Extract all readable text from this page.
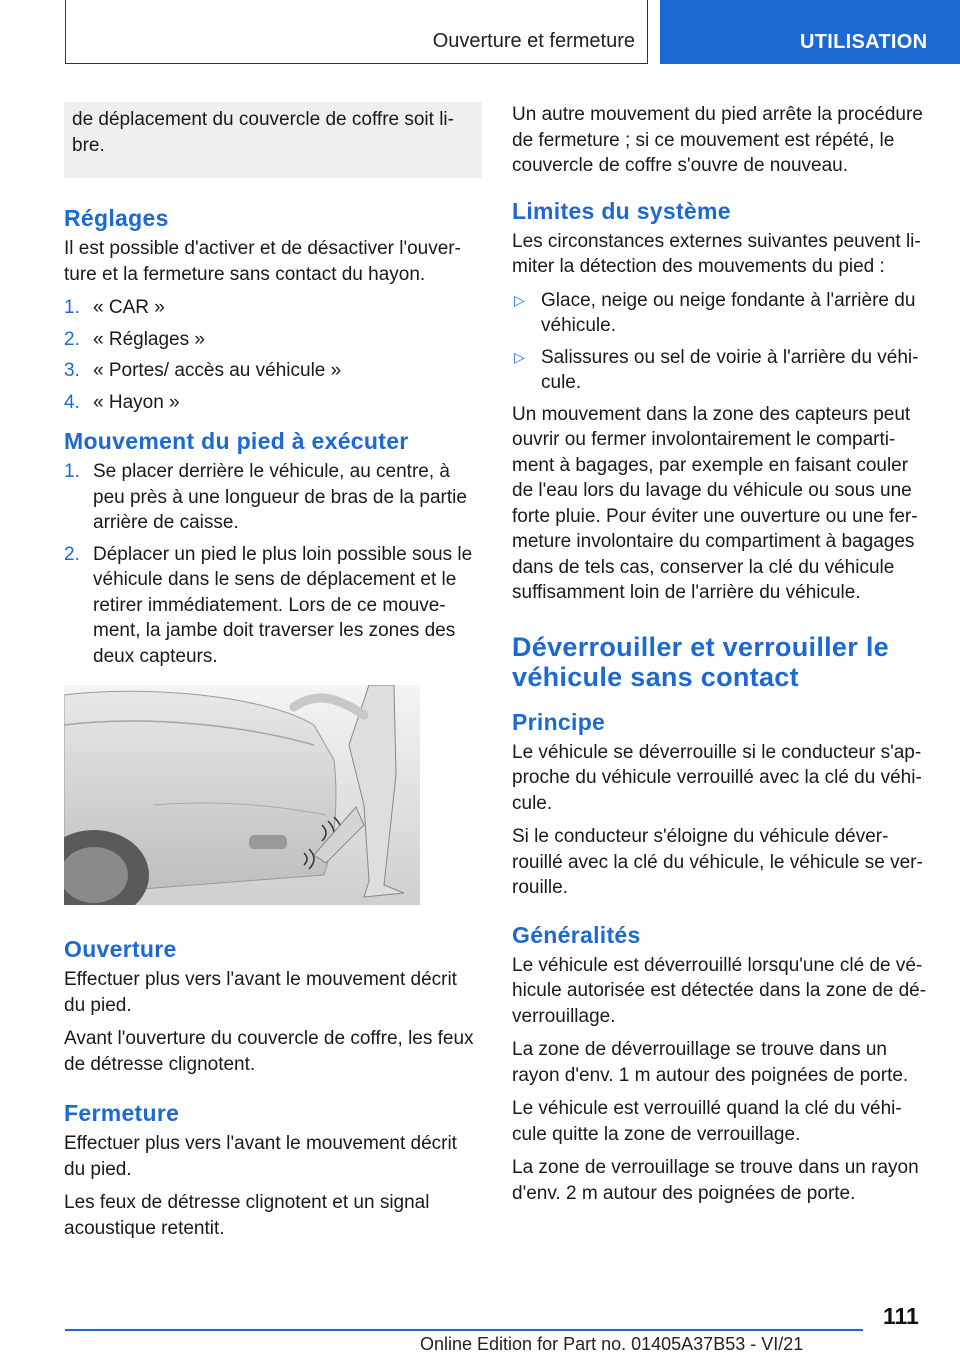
Ouverture et fermeture	UTILISATION

de déplacement du couvercle de coffre soit libre.

Réglages

Il est possible d'activer et de désactiver l'ouverture et la fermeture sans contact du hayon.

1. « CAR »
2. « Réglages »
3. « Portes/ accès au véhicule »
4. « Hayon »
Mouvement du pied à exécuter
1. Se placer derrière le véhicule, au centre, à peu près à une longueur de bras de la partie arrière de caisse.
2. Déplacer un pied le plus loin possible sous le véhicule dans le sens de déplacement et le retirer immédiatement. Lors de ce mouvement, la jambe doit traverser les zones des deux capteurs.
Ouverture

Effectuer plus vers l'avant le mouvement décrit du pied.

Avant l'ouverture du couvercle de coffre, les feux de détresse clignotent.

Fermeture

Effectuer plus vers l'avant le mouvement décrit du pied.

Les feux de détresse clignotent et un signal acoustique retentit.

Un autre mouvement du pied arrête la procédure de fermeture ; si ce mouvement est répété, le couvercle de coffre s'ouvre de nouveau.

Limites du système

Les circonstances externes suivantes peuvent limiter la détection des mouvements du pied :

▷ Glace, neige ou neige fondante à l'arrière du véhicule.
▷ Salissures ou sel de voirie à l'arrière du véhicule.

Un mouvement dans la zone des capteurs peut ouvrir ou fermer involontairement le compartiment à bagages, par exemple en faisant couler de l'eau lors du lavage du véhicule ou sous une forte pluie. Pour éviter une ouverture ou une fermeture involontaire du compartiment à bagages dans de tels cas, conserver la clé du véhicule suffisamment loin de l'arrière du véhicule.

Déverrouiller et verrouiller le véhicule sans contact
Principe

Le véhicule se déverrouille si le conducteur s'approche du véhicule verrouillé avec la clé du véhicule.

Si le conducteur s'éloigne du véhicule déverrouillé avec la clé du véhicule, le véhicule se verrouille.

Généralités

Le véhicule est déverrouillé lorsqu'une clé de véhicule autorisée est détectée dans la zone de déverrouillage.

La zone de déverrouillage se trouve dans un rayon d'env. 1 m autour des poignées de porte.

Le véhicule est verrouillé quand la clé du véhicule quitte la zone de verrouillage.

La zone de verrouillage se trouve dans un rayon d'env. 2 m autour des poignées de porte.

111
Online Edition for Part no. 01405A37B53 - VI/21
